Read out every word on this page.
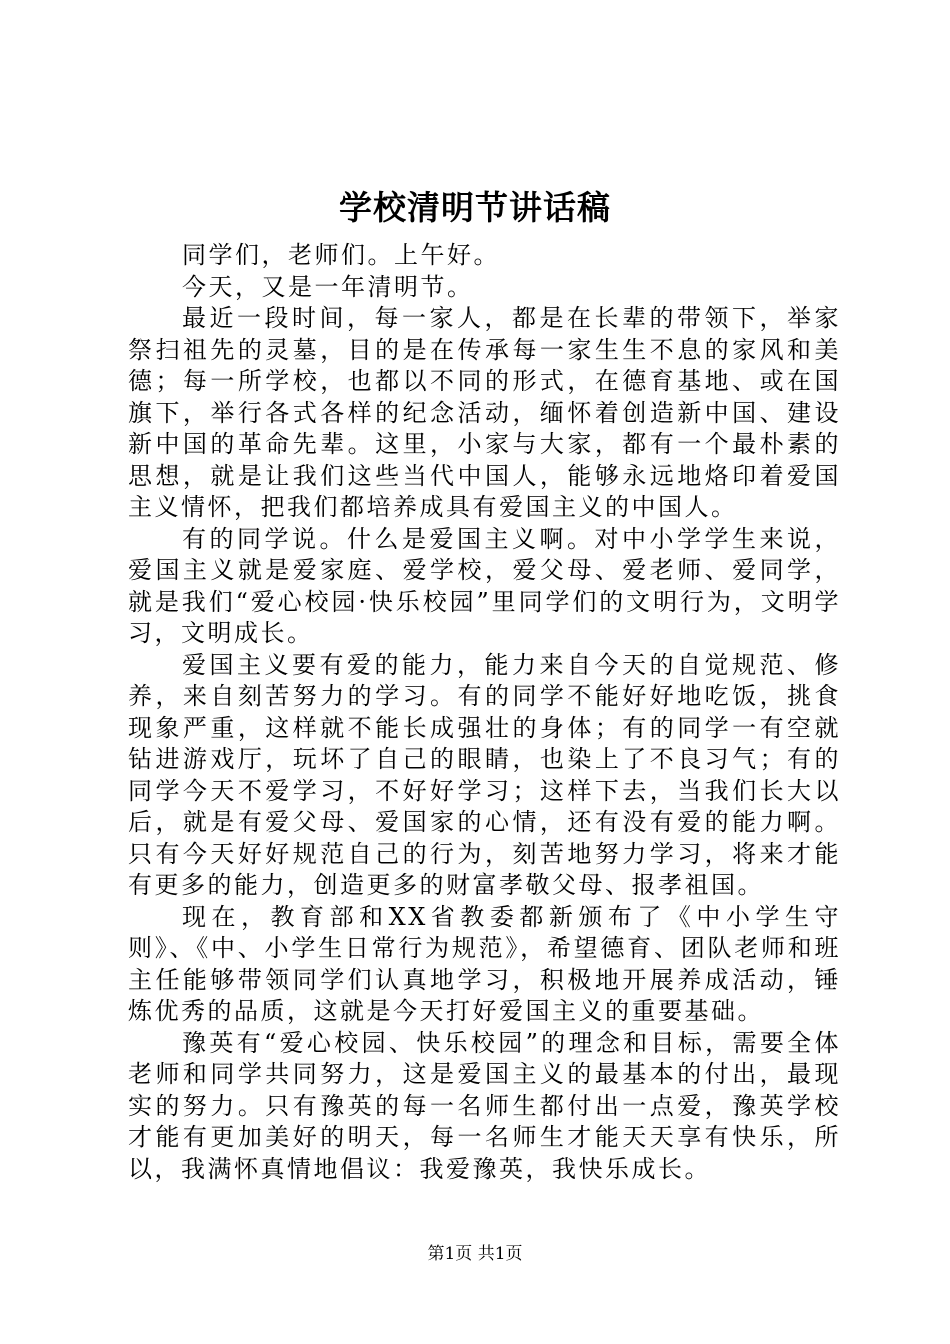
学校清明节讲话稿

同学们，老师们。上午好。

今天，又是一年清明节。

最近一段时间，每一家人，都是在长辈的带领下，举家祭扫祖先的灵墓，目的是在传承每一家生生不息的家风和美德；每一所学校，也都以不同的形式，在德育基地、或在国旗下，举行各式各样的纪念活动，缅怀着创造新中国、建设新中国的革命先辈。这里，小家与大家，都有一个最朴素的思想，就是让我们这些当代中国人，能够永远地烙印着爱国主义情怀，把我们都培养成具有爱国主义的中国人。

有的同学说。什么是爱国主义啊。对中小学学生来说，爱国主义就是爱家庭、爱学校，爱父母、爱老师、爱同学，就是我们“爱心校园·快乐校园”里同学们的文明行为，文明学习，文明成长。

爱国主义要有爱的能力，能力来自今天的自觉规范、修养，来自刻苦努力的学习。有的同学不能好好地吃饭，挑食现象严重，这样就不能长成强壮的身体；有的同学一有空就钻进游戏厅，玩坏了自己的眼睛，也染上了不良习气；有的同学今天不爱学习，不好好学习；这样下去，当我们长大以后，就是有爱父母、爱国家的心情，还有没有爱的能力啊。只有今天好好规范自己的行为，刻苦地努力学习，将来才能有更多的能力，创造更多的财富孝敬父母、报孝祖国。

现在，教育部和XX省教委都新颁布了《中小学生守则》、《中、小学生日常行为规范》，希望德育、团队老师和班主任能够带领同学们认真地学习，积极地开展养成活动，锤炼优秀的品质，这就是今天打好爱国主义的重要基础。

豫英有“爱心校园、快乐校园”的理念和目标，需要全体老师和同学共同努力，这是爱国主义的最基本的付出，最现实的努力。只有豫英的每一名师生都付出一点爱，豫英学校才能有更加美好的明天，每一名师生才能天天享有快乐，所以，我满怀真情地倡议：我爱豫英，我快乐成长。

第1页 共1页
